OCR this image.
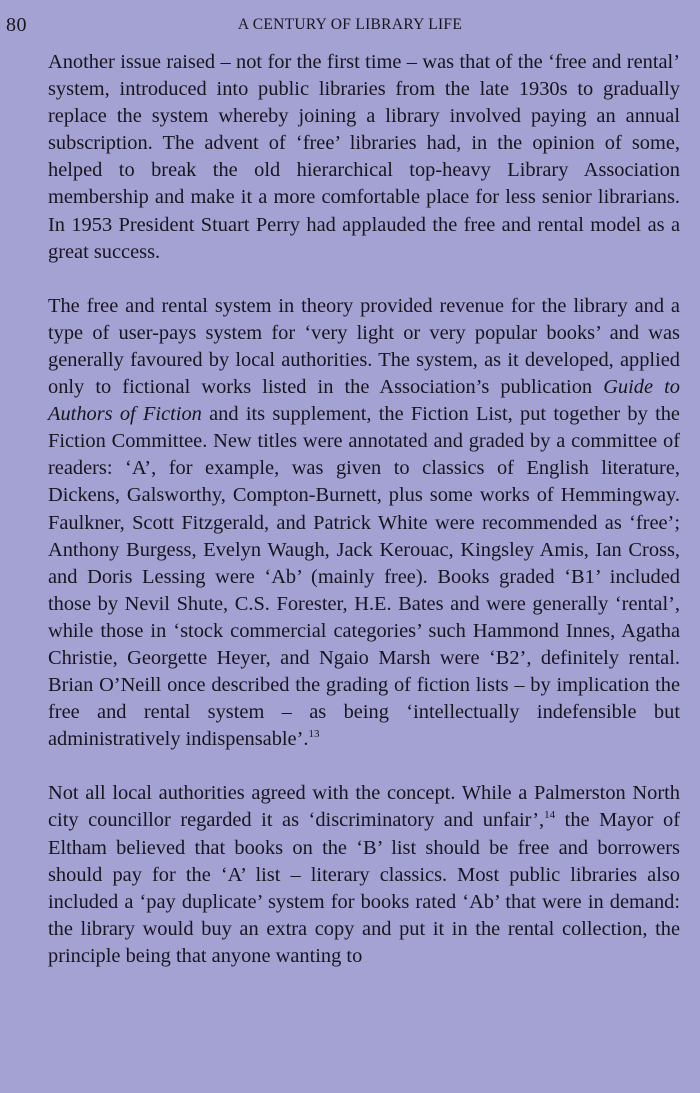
80	A CENTURY OF LIBRARY LIFE

Another issue raised – not for the first time – was that of the ‘free and rental’ system, introduced into public libraries from the late 1930s to gradually replace the system whereby joining a library involved paying an annual subscription. The advent of ‘free’ libraries had, in the opinion of some, helped to break the old hierarchical top-heavy Library Association membership and make it a more comfortable place for less senior librarians. In 1953 President Stuart Perry had applauded the free and rental model as a great success.

The free and rental system in theory provided revenue for the library and a type of user-pays system for ‘very light or very popular books’ and was generally favoured by local authorities. The system, as it developed, applied only to fictional works listed in the Association’s publication Guide to Authors of Fiction and its supplement, the Fiction List, put together by the Fiction Committee. New titles were annotated and graded by a committee of readers: ‘A’, for example, was given to classics of English literature, Dickens, Galsworthy, Compton-Burnett, plus some works of Hemmingway. Faulkner, Scott Fitzgerald, and Patrick White were recommended as ‘free’; Anthony Burgess, Evelyn Waugh, Jack Kerouac, Kingsley Amis, Ian Cross, and Doris Lessing were ‘Ab’ (mainly free). Books graded ‘B1’ included those by Nevil Shute, C.S. Forester, H.E. Bates and were generally ‘rental’, while those in ‘stock commercial categories’ such Hammond Innes, Agatha Christie, Georgette Heyer, and Ngaio Marsh were ‘B2’, definitely rental. Brian O’Neill once described the grading of fiction lists – by implication the free and rental system – as being ‘intellectually indefensible but administratively indispensable’.$^{13}$

Not all local authorities agreed with the concept. While a Palmerston North city councillor regarded it as ‘discriminatory and unfair’,$^{14}$ the Mayor of Eltham believed that books on the ‘B’ list should be free and borrowers should pay for the ‘A’ list – literary classics. Most public libraries also included a ‘pay duplicate’ system for books rated ‘Ab’ that were in demand: the library would buy an extra copy and put it in the rental collection, the principle being that anyone wanting to
